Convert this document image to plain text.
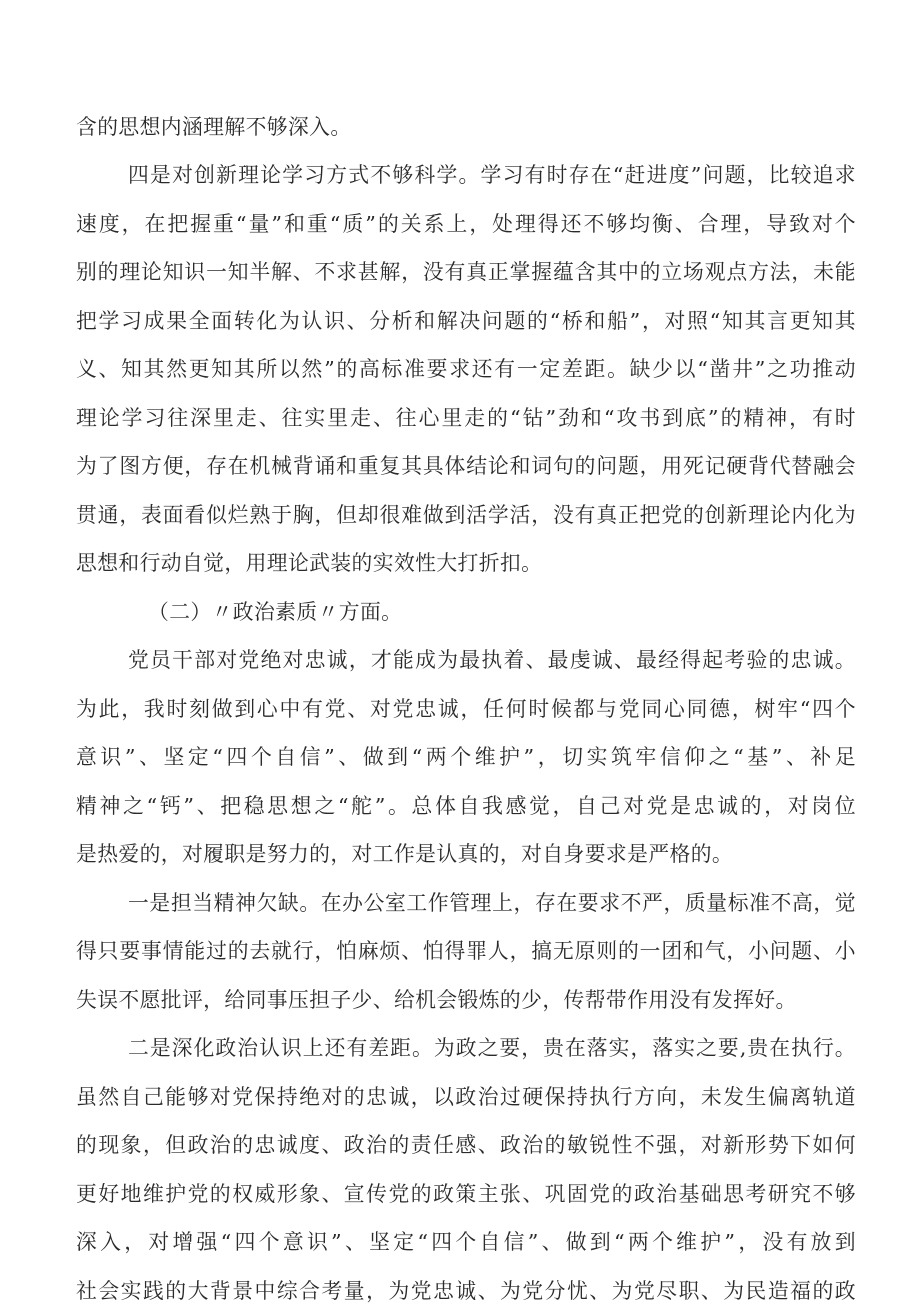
含的思想内涵理解不够深入。
四是对创新理论学习方式不够科学。学习有时存在“赶进度”问题，比较追求
速度，在把握重“量”和重“质”的关系上，处理得还不够均衡、合理，导致对个
别的理论知识一知半解、不求甚解，没有真正掌握蕴含其中的立场观点方法，未能
把学习成果全面转化为认识、分析和解决问题的“桥和船”，对照“知其言更知其
义、知其然更知其所以然”的高标准要求还有一定差距。缺少以“凿井”之功推动
理论学习往深里走、往实里走、往心里走的“钻”劲和“攻书到底”的精神，有时
为了图方便，存在机械背诵和重复其具体结论和词句的问题，用死记硬背代替融会
贯通，表面看似烂熟于胸，但却很难做到活学活，没有真正把党的创新理论内化为
思想和行动自觉，用理论武装的实效性大打折扣。
（二）〃政治素质〃方面。
党员干部对党绝对忠诚，才能成为最执着、最虔诚、最经得起考验的忠诚。
为此，我时刻做到心中有党、对党忠诚，任何时候都与党同心同德，树牢“四个
意识”、坚定“四个自信”、做到“两个维护”，切实筑牢信仰之“基”、补足
精神之“钙”、把稳思想之“舵”。总体自我感觉，自己对党是忠诚的，对岗位
是热爱的，对履职是努力的，对工作是认真的，对自身要求是严格的。
一是担当精神欠缺。在办公室工作管理上，存在要求不严，质量标准不高，觉
得只要事情能过的去就行，怕麻烦、怕得罪人，搞无原则的一团和气，小问题、小
失误不愿批评，给同事压担子少、给机会锻炼的少，传帮带作用没有发挥好。
二是深化政治认识上还有差距。为政之要，贵在落实，落实之要,贵在执行。
虽然自己能够对党保持绝对的忠诚，以政治过硬保持执行方向，未发生偏离轨道
的现象，但政治的忠诚度、政治的责任感、政治的敏锐性不强，对新形势下如何
更好地维护党的权威形象、宣传党的政策主张、巩固党的政治基础思考研究不够
深入，对增强“四个意识”、坚定“四个自信”、做到“两个维护”，没有放到
社会实践的大背景中综合考量，为党忠诚、为党分忧、为党尽职、为民造福的政
